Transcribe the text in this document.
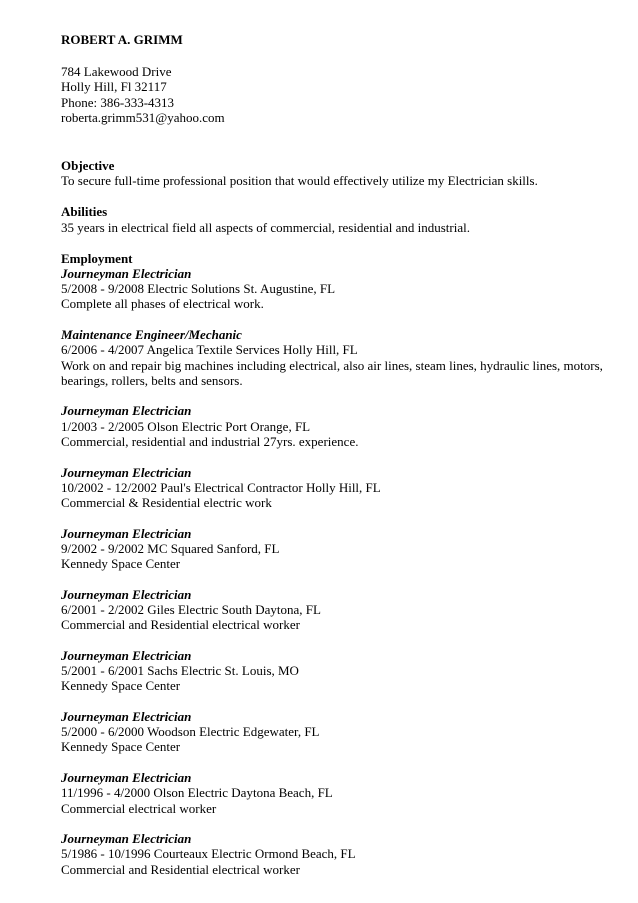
ROBERT A. GRIMM
784 Lakewood Drive
Holly Hill, Fl 32117
Phone: 386-333-4313
roberta.grimm531@yahoo.com
Objective
To secure full-time professional position that would effectively utilize my Electrician skills.
Abilities
35 years in electrical field all aspects of commercial, residential and industrial.
Employment
Journeyman Electrician
5/2008 - 9/2008 Electric Solutions St. Augustine, FL
Complete all phases of electrical work.
Maintenance Engineer/Mechanic
6/2006 - 4/2007 Angelica Textile Services Holly Hill, FL
Work on and repair big machines including electrical, also air lines, steam lines, hydraulic lines, motors, bearings, rollers, belts and sensors.
Journeyman Electrician
1/2003 - 2/2005 Olson Electric Port Orange, FL
Commercial, residential and industrial 27yrs. experience.
Journeyman Electrician
10/2002 - 12/2002 Paul's Electrical Contractor Holly Hill, FL
Commercial & Residential electric work
Journeyman Electrician
9/2002 - 9/2002 MC Squared Sanford, FL
Kennedy Space Center
Journeyman Electrician
6/2001 - 2/2002 Giles Electric South Daytona, FL
Commercial and Residential electrical worker
Journeyman Electrician
5/2001 - 6/2001 Sachs Electric St. Louis, MO
Kennedy Space Center
Journeyman Electrician
5/2000 - 6/2000 Woodson Electric Edgewater, FL
Kennedy Space Center
Journeyman Electrician
11/1996 - 4/2000 Olson Electric Daytona Beach, FL
Commercial electrical worker
Journeyman Electrician
5/1986 - 10/1996 Courteaux Electric Ormond Beach, FL
Commercial and Residential electrical worker
